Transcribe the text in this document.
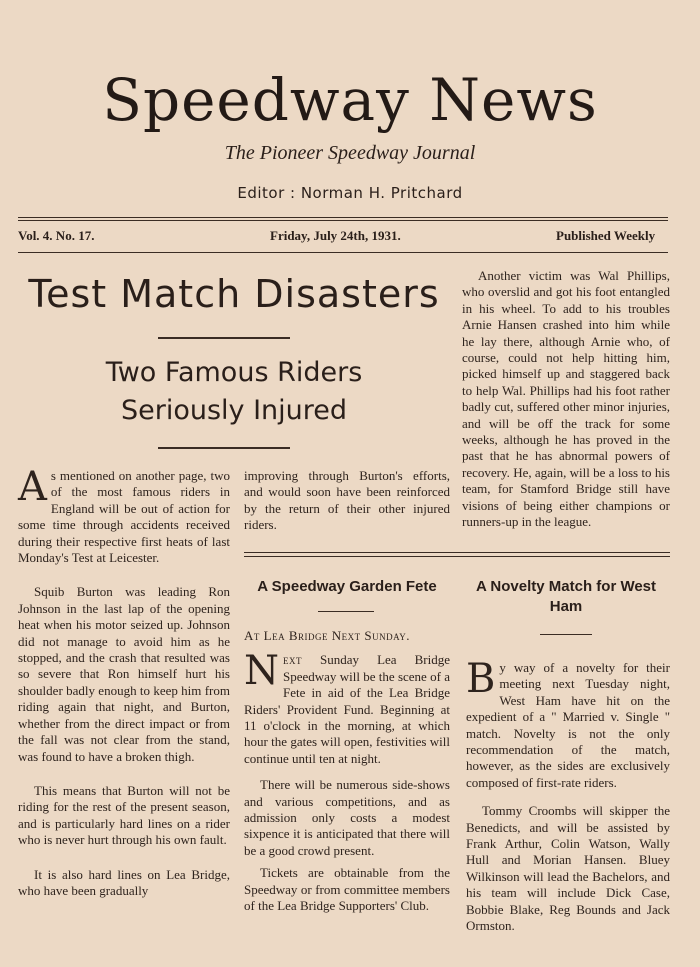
Speedway News
The Pioneer Speedway Journal
Editor : Norman H. Pritchard
Vol. 4. No. 17.	Friday, July 24th, 1931.	Published Weekly
Test Match Disasters
Two Famous Riders
Seriously Injured

As mentioned on another page, two of the most famous riders in England will be out of action for some time through accidents received during their respective first heats of last Monday's Test at Leicester.

Squib Burton was leading Ron Johnson in the last lap of the opening heat when his motor seized up. Johnson did not manage to avoid him as he stopped, and the crash that resulted was so severe that Ron himself hurt his shoulder badly enough to keep him from riding again that night, and Burton, whether from the direct impact or from the fall was not clear from the stand, was found to have a broken thigh.

This means that Burton will not be riding for the rest of the present season, and is particularly hard lines on a rider who is never hurt through his own fault.

It is also hard lines on Lea Bridge, who have been gradually

improving through Burton's efforts, and would soon have been reinforced by the return of their other injured riders.

Another victim was Wal Phillips, who overslid and got his foot entangled in his wheel. To add to his troubles Arnie Hansen crashed into him while he lay there, although Arnie who, of course, could not help hitting him, picked himself up and staggered back to help Wal. Phillips had his foot rather badly cut, suffered other minor injuries, and will be off the track for some weeks, although he has proved in the past that he has abnormal powers of recovery. He, again, will be a loss to his team, for Stamford Bridge still have visions of being either champions or runners-up in the league.

A Speedway Garden Fete

At Lea Bridge Next Sunday.

Next Sunday Lea Bridge Speedway will be the scene of a Fete in aid of the Lea Bridge Riders' Provident Fund. Beginning at 11 o'clock in the morning, at which hour the gates will open, festivities will continue until ten at night.

There will be numerous side-shows and various competitions, and as admission only costs a modest sixpence it is anticipated that there will be a good crowd present.

Tickets are obtainable from the Speedway or from committee members of the Lea Bridge Supporters' Club.

A Novelty Match for West Ham

By way of a novelty for their meeting next Tuesday night, West Ham have hit on the expedient of a " Married v. Single " match. Novelty is not the only recommendation of the match, however, as the sides are exclusively composed of first-rate riders.

Tommy Croombs will skipper the Benedicts, and will be assisted by Frank Arthur, Colin Watson, Wally Hull and Morian Hansen. Bluey Wilkinson will lead the Bachelors, and his team will include Dick Case, Bobbie Blake, Reg Bounds and Jack Ormston.
